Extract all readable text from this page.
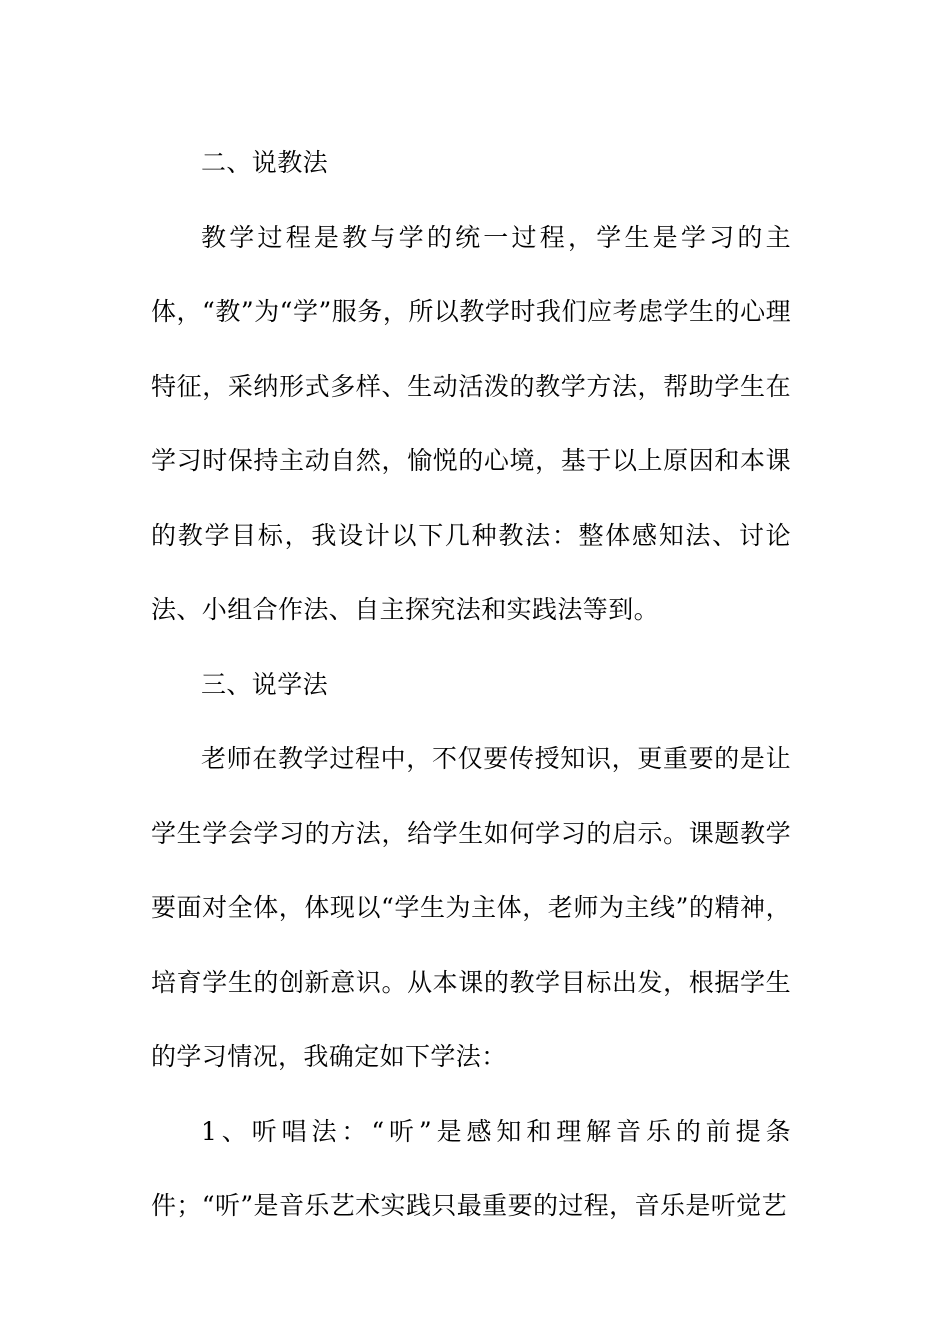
二、说教法

教学过程是教与学的统一过程，学生是学习的主体，“教”为“学”服务，所以教学时我们应考虑学生的心理特征，采纳形式多样、生动活泼的教学方法，帮助学生在学习时保持主动自然，愉悦的心境，基于以上原因和本课的教学目标，我设计以下几种教法：整体感知法、讨论法、小组合作法、自主探究法和实践法等到。

三、说学法

老师在教学过程中，不仅要传授知识，更重要的是让学生学会学习的方法，给学生如何学习的启示。课题教学要面对全体，体现以“学生为主体，老师为主线”的精神，培育学生的创新意识。从本课的教学目标出发，根据学生的学习情况，我确定如下学法：

1、听唱法：“听”是感知和理解音乐的前提条件；“听”是音乐艺术实践只最重要的过程，音乐是听觉艺
